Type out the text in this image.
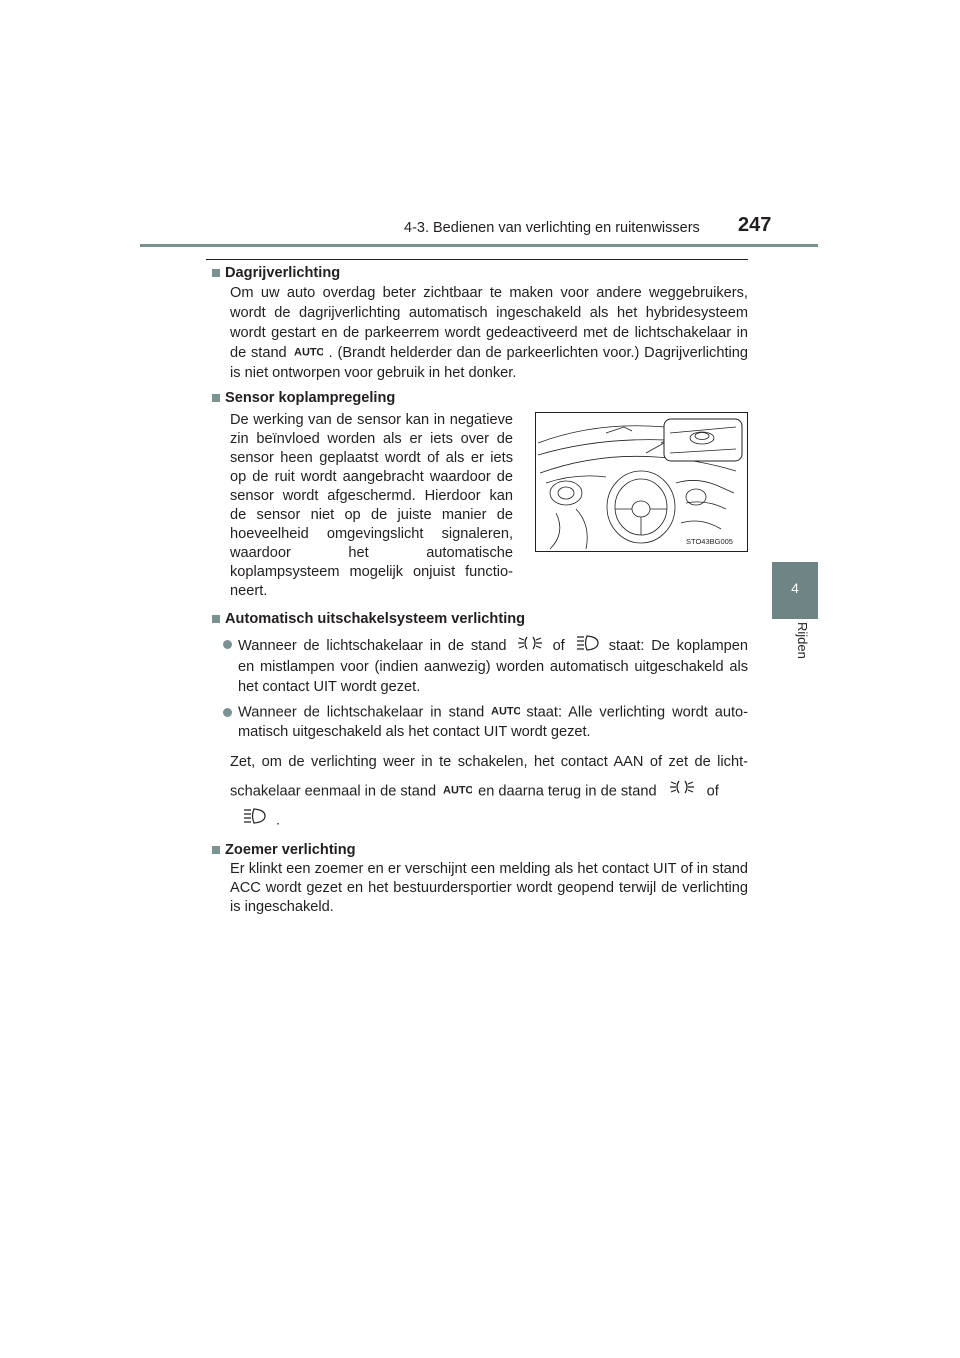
4-3. Bedienen van verlichting en ruitenwissers 247
4
Rijden

Dagrijverlichting

Om uw auto overdag beter zichtbaar te maken voor andere weggebruikers, wordt de dagrijverlichting automatisch ingeschakeld als het hybridesysteem wordt gestart en de parkeerrem wordt gedeactiveerd met de lichtschakelaar in de stand AUTO . (Brandt helderder dan de parkeerlichten voor.) Dagrijverlichting is niet ontworpen voor gebruik in het donker.

Sensor koplampregeling

De werking van de sensor kan in negatieve zin beïnvloed worden als er iets over de sensor heen geplaatst wordt of als er iets op de ruit wordt aangebracht waardoor de sensor wordt afgeschermd. Hierdoor kan de sensor niet op de juiste manier de hoeveelheid omgevingslicht signaleren, waardoor het automatische koplampsysteem mogelijk onjuist functioneert.
STO43BG005

Automatisch uitschakelsysteem verlichting

Wanneer de lichtschakelaar in de stand	of	staat: De koplampen en mistlampen voor (indien aanwezig) worden automatisch uitgeschakeld als het contact UIT wordt gezet.

Wanneer de lichtschakelaar in stand AUTO staat: Alle verlichting wordt automatisch uitgeschakeld als het contact UIT wordt gezet.

Zet, om de verlichting weer in te schakelen, het contact AAN of zet de lichtschakelaar eenmaal in de stand AUTO en daarna terug in de stand	of
.

Zoemer verlichting

Er klinkt een zoemer en er verschijnt een melding als het contact UIT of in stand ACC wordt gezet en het bestuurdersportier wordt geopend terwijl de verlichting is ingeschakeld.
